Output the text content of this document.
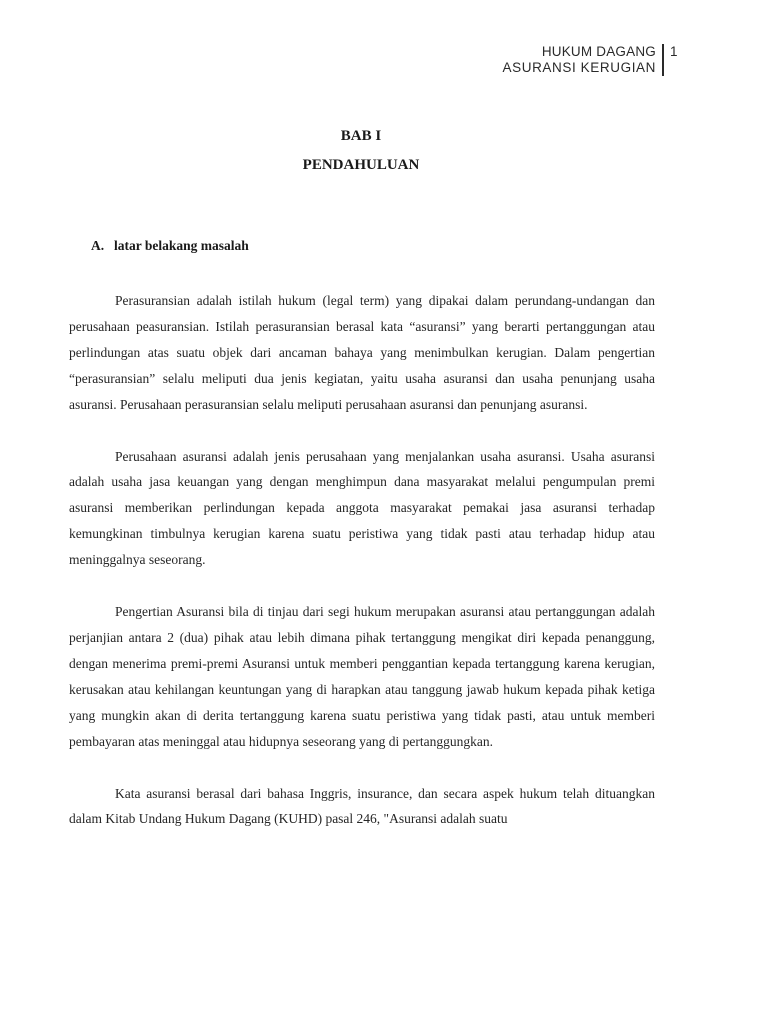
HUKUM DAGANG
ASURANSI KERUGIAN
1
BAB I
PENDAHULUAN
A. latar belakang masalah

Perasuransian adalah istilah hukum (legal term) yang dipakai dalam perundang-undangan dan perusahaan peasuransian. Istilah perasuransian berasal kata “asuransi” yang berarti pertanggungan atau perlindungan atas suatu objek dari ancaman bahaya yang menimbulkan kerugian. Dalam pengertian “perasuransian” selalu meliputi dua jenis kegiatan, yaitu usaha asuransi dan usaha penunjang usaha asuransi. Perusahaan perasuransian selalu meliputi perusahaan asuransi dan penunjang asuransi.

Perusahaan asuransi adalah jenis perusahaan yang menjalankan usaha asuransi. Usaha asuransi adalah usaha jasa keuangan yang dengan menghimpun dana masyarakat melalui pengumpulan premi asuransi memberikan perlindungan kepada anggota masyarakat pemakai jasa asuransi terhadap kemungkinan timbulnya kerugian karena suatu peristiwa yang tidak pasti atau terhadap hidup atau meninggalnya seseorang.

Pengertian Asuransi bila di tinjau dari segi hukum merupakan asuransi atau pertanggungan adalah perjanjian antara 2 (dua) pihak atau lebih dimana pihak tertanggung mengikat diri kepada penanggung, dengan menerima premi-premi Asuransi untuk memberi penggantian kepada tertanggung karena kerugian, kerusakan atau kehilangan keuntungan yang di harapkan atau tanggung jawab hukum kepada pihak ketiga yang mungkin akan di derita tertanggung karena suatu peristiwa yang tidak pasti, atau untuk memberi pembayaran atas meninggal atau hidupnya seseorang yang di pertanggungkan.

Kata asuransi berasal dari bahasa Inggris, insurance, dan secara aspek hukum telah dituangkan dalam Kitab Undang Hukum Dagang (KUHD) pasal 246, "Asuransi adalah suatu
